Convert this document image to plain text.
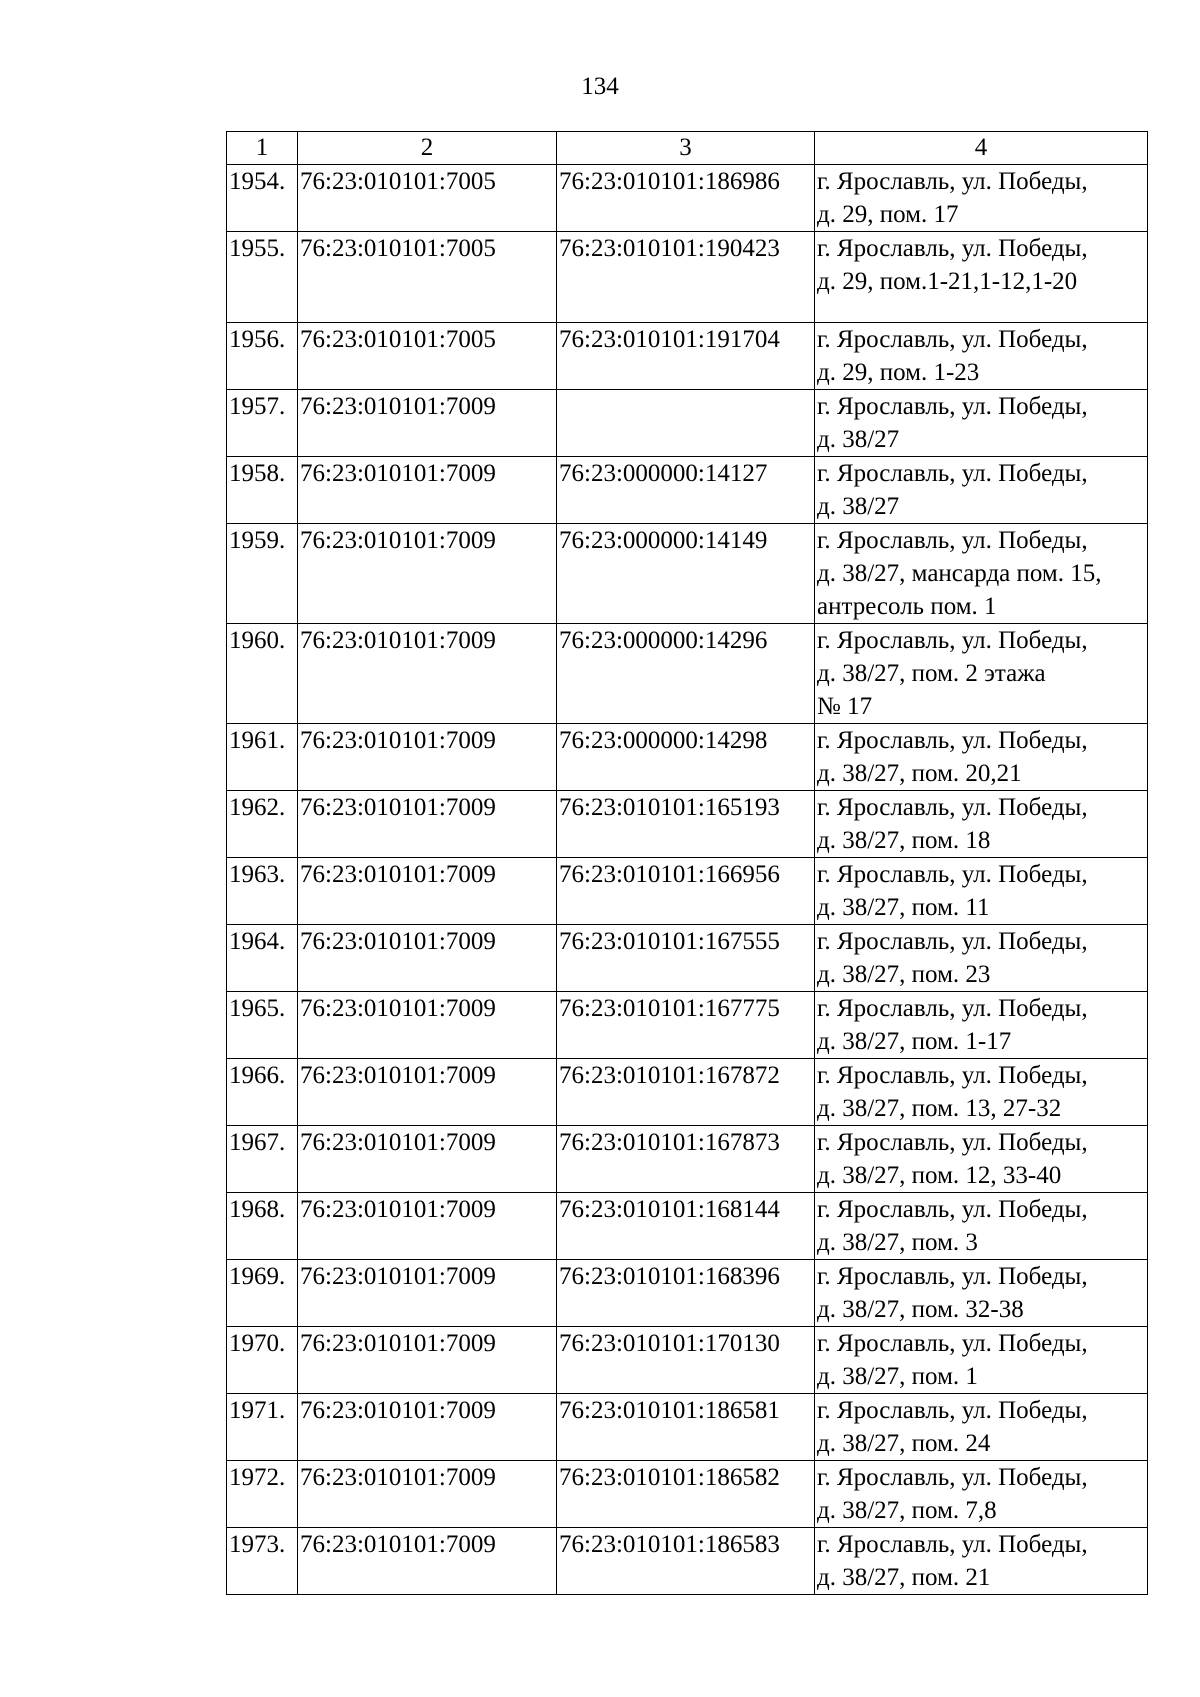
134
1	2	3	4
1954.	76:23:010101:7005	76:23:010101:186986	г. Ярославль, ул. Победы,
д. 29, пом. 17

1955.	76:23:010101:7005	76:23:010101:190423	г. Ярославль, ул. Победы,
д. 29, пом.1-21,1-12,1-20

1956.	76:23:010101:7005	76:23:010101:191704	г. Ярославль, ул. Победы,
д. 29, пом. 1-23

1957.	76:23:010101:7009		г. Ярославль, ул. Победы,
д. 38/27

1958.	76:23:010101:7009	76:23:000000:14127	г. Ярославль, ул. Победы,
д. 38/27

1959.	76:23:010101:7009	76:23:000000:14149	г. Ярославль, ул. Победы,
д. 38/27, мансарда пом. 15,
антресоль пом. 1

1960.	76:23:010101:7009	76:23:000000:14296	г. Ярославль, ул. Победы,
д. 38/27, пом. 2 этажа
№ 17

1961.	76:23:010101:7009	76:23:000000:14298	г. Ярославль, ул. Победы,
д. 38/27, пом. 20,21

1962.	76:23:010101:7009	76:23:010101:165193	г. Ярославль, ул. Победы,
д. 38/27, пом. 18

1963.	76:23:010101:7009	76:23:010101:166956	г. Ярославль, ул. Победы,
д. 38/27, пом. 11

1964.	76:23:010101:7009	76:23:010101:167555	г. Ярославль, ул. Победы,
д. 38/27, пом. 23

1965.	76:23:010101:7009	76:23:010101:167775	г. Ярославль, ул. Победы,
д. 38/27, пом. 1-17

1966.	76:23:010101:7009	76:23:010101:167872	г. Ярославль, ул. Победы,
д. 38/27, пом. 13, 27-32

1967.	76:23:010101:7009	76:23:010101:167873	г. Ярославль, ул. Победы,
д. 38/27, пом. 12, 33-40

1968.	76:23:010101:7009	76:23:010101:168144	г. Ярославль, ул. Победы,
д. 38/27, пом. 3

1969.	76:23:010101:7009	76:23:010101:168396	г. Ярославль, ул. Победы,
д. 38/27, пом. 32-38

1970.	76:23:010101:7009	76:23:010101:170130	г. Ярославль, ул. Победы,
д. 38/27, пом. 1

1971.	76:23:010101:7009	76:23:010101:186581	г. Ярославль, ул. Победы,
д. 38/27, пом. 24

1972.	76:23:010101:7009	76:23:010101:186582	г. Ярославль, ул. Победы,
д. 38/27, пом. 7,8

1973.	76:23:010101:7009	76:23:010101:186583	г. Ярославль, ул. Победы,
д. 38/27, пом. 21
